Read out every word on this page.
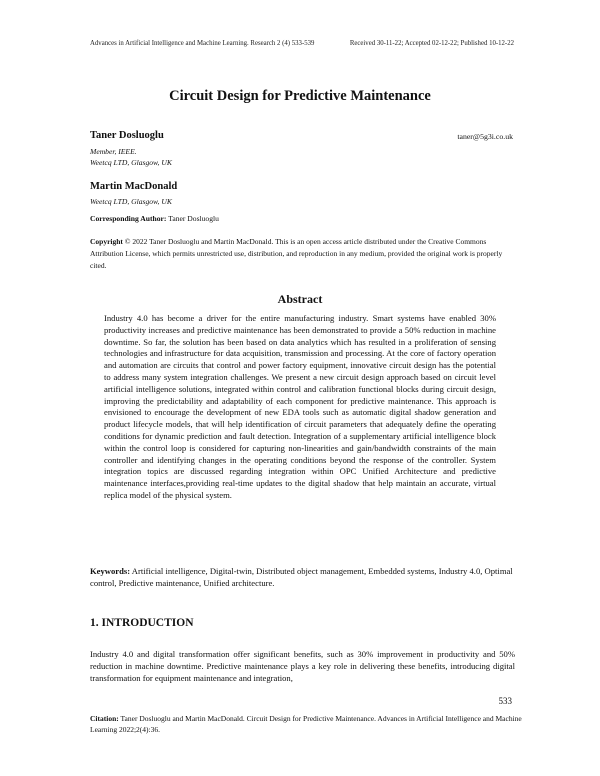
Advances in Artificial Intelligence and Machine Learning. Research 2 (4) 533-539	Received 30-11-22; Accepted 02-12-22; Published 10-12-22
Circuit Design for Predictive Maintenance
Taner Dosluoglu	taner@5g3i.co.uk
Member, IEEE.
Weetcq LTD, Glasgow, UK
Martin MacDonald
Weetcq LTD, Glasgow, UK
Corresponding Author: Taner Dosluoglu
Copyright © 2022 Taner Dosluoglu and Martin MacDonald. This is an open access article distributed under the Creative Commons Attribution License, which permits unrestricted use, distribution, and reproduction in any medium, provided the original work is properly cited.
Abstract
Industry 4.0 has become a driver for the entire manufacturing industry. Smart systems have enabled 30% productivity increases and predictive maintenance has been demonstrated to provide a 50% reduction in machine downtime. So far, the solution has been based on data analytics which has resulted in a proliferation of sensing technologies and infrastructure for data acquisition, transmission and processing. At the core of factory operation and automation are circuits that control and power factory equipment, innovative circuit design has the potential to address many system integration challenges. We present a new circuit design approach based on circuit level artificial intelligence solutions, integrated within control and calibration functional blocks during circuit design, improving the predictability and adaptability of each component for predictive maintenance. This approach is envisioned to encourage the development of new EDA tools such as automatic digital shadow generation and product lifecycle models, that will help identification of circuit parameters that adequately define the operating conditions for dynamic prediction and fault detection. Integration of a supplementary artificial intelligence block within the control loop is considered for capturing non-linearities and gain/bandwidth constraints of the main controller and identifying changes in the operating conditions beyond the response of the controller. System integration topics are discussed regarding integration within OPC Unified Architecture and predictive maintenance interfaces,providing real-time updates to the digital shadow that help maintain an accurate, virtual replica model of the physical system.
Keywords: Artificial intelligence, Digital-twin, Distributed object management, Embedded systems, Industry 4.0, Optimal control, Predictive maintenance, Unified architecture.
1. INTRODUCTION
Industry 4.0 and digital transformation offer significant benefits, such as 30% improvement in productivity and 50% reduction in machine downtime. Predictive maintenance plays a key role in delivering these benefits, introducing digital transformation for equipment maintenance and integration,
533
Citation: Taner Dosluoglu and Martin MacDonald. Circuit Design for Predictive Maintenance. Advances in Artificial Intelligence and Machine Learning 2022;2(4):36.
